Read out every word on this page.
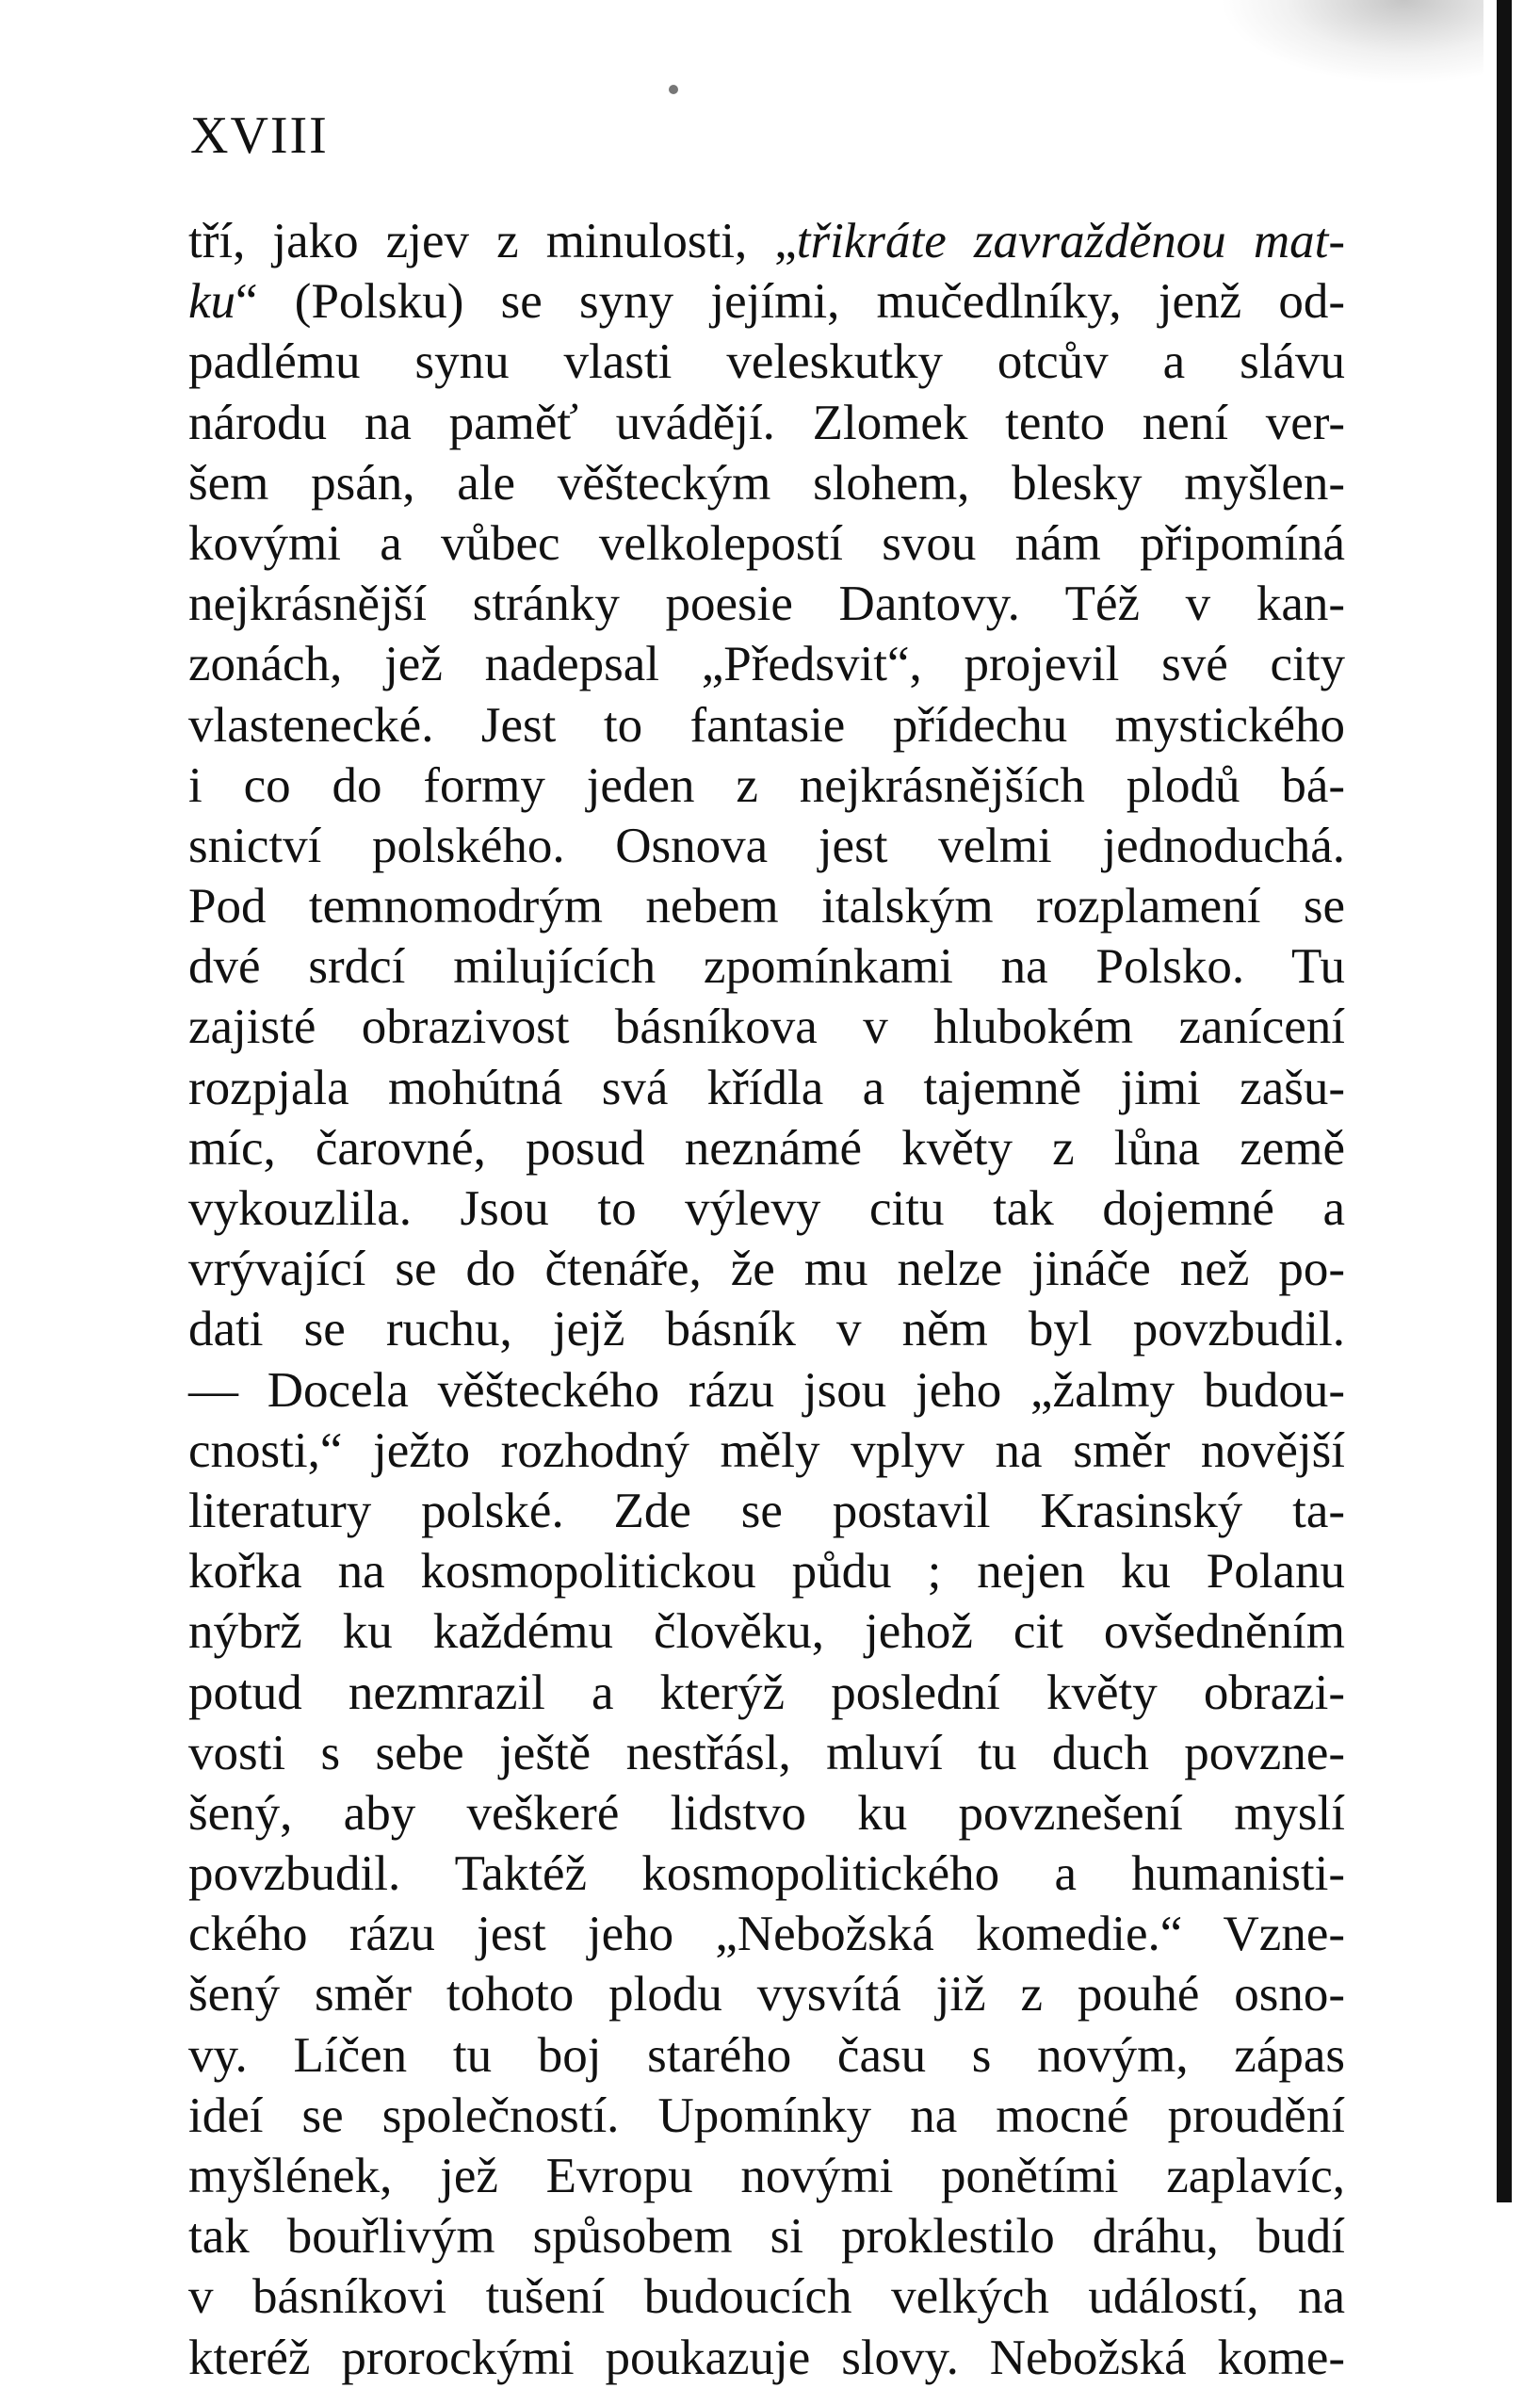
XVIII

tří, jako zjev z minulosti, „třikráte zavražděnou mat-
ku“ (Polsku) se syny jejími, mučedlníky, jenž od-
padlému synu vlasti veleskutky otcův a slávu
národu na paměť uvádějí. Zlomek tento není ver-
šem psán, ale věšteckým slohem, blesky myšlen-
kovými a vůbec velkolepostí svou nám připomíná
nejkrásnější stránky poesie Dantovy. Též v kan-
zonách, jež nadepsal „Předsvit“, projevil své city
vlastenecké. Jest to fantasie přídechu mystického
i co do formy jeden z nejkrásnějších plodů bá-
snictví polského. Osnova jest velmi jednoduchá.
Pod temnomodrým nebem italským rozplamení se
dvé srdcí milujících zpomínkami na Polsko. Tu
zajisté obrazivost básníkova v hlubokém zanícení
rozpjala mohútná svá křídla a tajemně jimi zašu-
míc, čarovné, posud neznámé květy z lůna země
vykouzlila. Jsou to výlevy citu tak dojemné a
vrývající se do čtenáře, že mu nelze jináče než po-
dati se ruchu, jejž básník v něm byl povzbudil.
— Docela věšteckého rázu jsou jeho „žalmy budou-
cnosti,“ ježto rozhodný měly vplyv na směr novější
literatury polské. Zde se postavil Krasinský ta-
kořka na kosmopolitickou půdu ; nejen ku Polanu
nýbrž ku každému člověku, jehož cit ovšedněním
potud nezmrazil a kterýž poslední květy obrazi-
vosti s sebe ještě nestřásl, mluví tu duch povzne-
šený, aby veškeré lidstvo ku povznešení myslí
povzbudil. Taktéž kosmopolitického a humanisti-
ckého rázu jest jeho „Nebožská komedie.“ Vzne-
šený směr tohoto plodu vysvítá již z pouhé osno-
vy. Líčen tu boj starého času s novým, zápas
ideí se společností. Upomínky na mocné proudění
myšlének, jež Evropu novými ponětími zaplavíc,
tak bouřlivým spůsobem si proklestilo dráhu, budí
v básníkovi tušení budoucích velkých událostí, na
kteréž prorockými poukazuje slovy. Nebožská kome-
